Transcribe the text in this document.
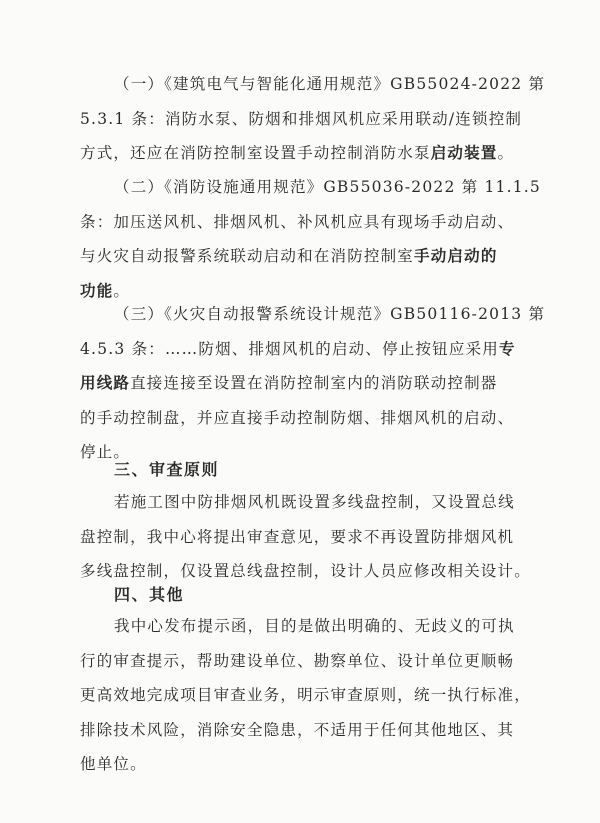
（一）《建筑电气与智能化通用规范》GB55024-2022 第
5.3.1 条：消防水泵、防烟和排烟风机应采用联动/连锁控制
方式，还应在消防控制室设置手动控制消防水泵启动装置。
（二）《消防设施通用规范》GB55036-2022 第 11.1.5
条：加压送风机、排烟风机、补风机应具有现场手动启动、
与火灾自动报警系统联动启动和在消防控制室手动启动的
功能。
（三）《火灾自动报警系统设计规范》GB50116-2013 第
4.5.3 条：……防烟、排烟风机的启动、停止按钮应采用专
用线路直接连接至设置在消防控制室内的消防联动控制器
的手动控制盘，并应直接手动控制防烟、排烟风机的启动、
停止。
三、审查原则
若施工图中防排烟风机既设置多线盘控制，又设置总线
盘控制，我中心将提出审查意见，要求不再设置防排烟风机
多线盘控制，仅设置总线盘控制，设计人员应修改相关设计。
四、其他
我中心发布提示函，目的是做出明确的、无歧义的可执
行的审查提示，帮助建设单位、勘察单位、设计单位更顺畅
更高效地完成项目审查业务，明示审查原则，统一执行标准，
排除技术风险，消除安全隐患，不适用于任何其他地区、其
他单位。
